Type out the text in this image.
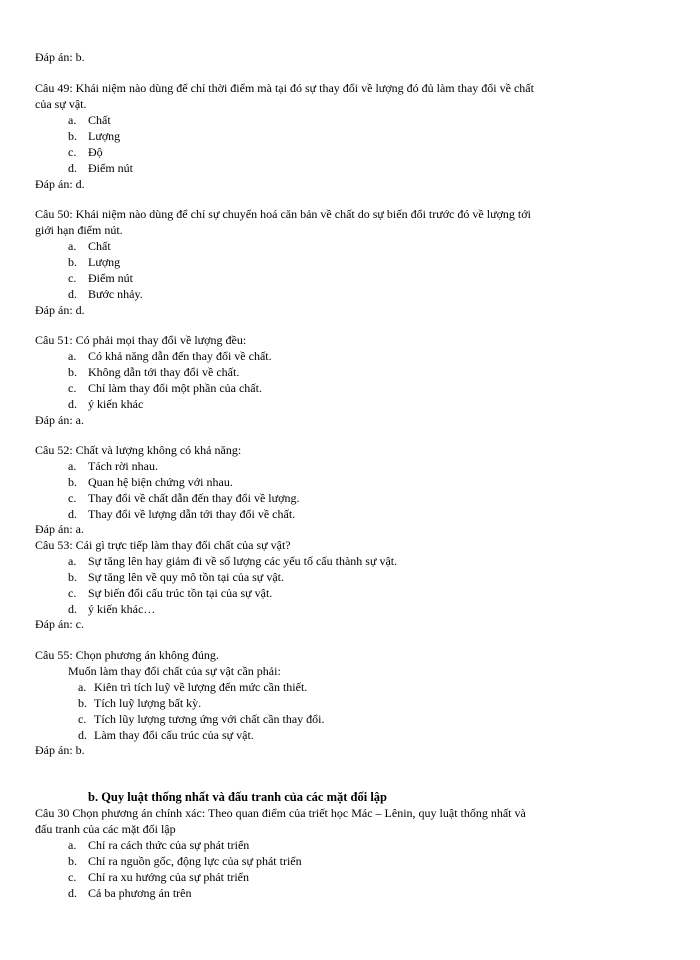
Đáp án: b.
Câu 49: Khái niệm nào dùng để chỉ thời điểm mà tại đó sự thay đổi về lượng đó đủ làm thay đổi về chất
của sự vật.
a. Chất
b. Lượng
c. Độ
d. Điểm nút
Đáp án: d.
Câu 50: Khái niệm nào dùng để chỉ sự chuyển hoá căn bản về chất do sự biến đổi trước đó về lượng tới
giới hạn điểm nút.
a. Chất
b. Lượng
c. Điểm nút
d. Bước nhảy.
Đáp án: d.
Câu 51: Có phải mọi thay đổi về lượng đều:
a. Có khả năng dẫn đến thay đổi về chất.
b. Không dẫn tới thay đổi về chất.
c. Chỉ làm thay đổi một phần của chất.
d. ý kiến khác
Đáp án: a.
Câu 52: Chất và lượng không có khả năng:
a. Tách rời nhau.
b. Quan hệ biện chứng với nhau.
c. Thay đổi về chất dẫn đến thay đổi về lượng.
d. Thay đổi về lượng dẫn tới thay đổi về chất.
Đáp án: a.
Câu 53: Cái gì trực tiếp làm thay đổi chất của sự vật?
a. Sự tăng lên hay giảm đi về số lượng các yếu tố cấu thành sự vật.
b. Sự tăng lên về quy mô tồn tại của sự vật.
c. Sự biến đổi cấu trúc tồn tại của sự vật.
d. ý kiến khác…
Đáp án: c.
Câu 55: Chọn phương án không đúng.
Muốn làm thay đổi chất của sự vật cần phải:
a. Kiên trì tích luỹ về lượng đến mức cần thiết.
b. Tích luỹ lượng bất kỳ.
c. Tích lũy lượng tương ứng với chất cần thay đổi.
d. Làm thay đổi cấu trúc của sự vật.
Đáp án: b.
b. Quy luật thống nhất và đấu tranh của các mặt đối lập
Câu 30 Chọn phương án chính xác: Theo quan điểm của triết học Mác – Lênin, quy luật thống nhất và
đấu tranh của các mặt đối lập
a. Chỉ ra cách thức của sự phát triển
b. Chỉ ra nguồn gốc, động lực của sự phát triển
c. Chỉ ra xu hướng của sự phát triển
d. Cả ba phương án trên
